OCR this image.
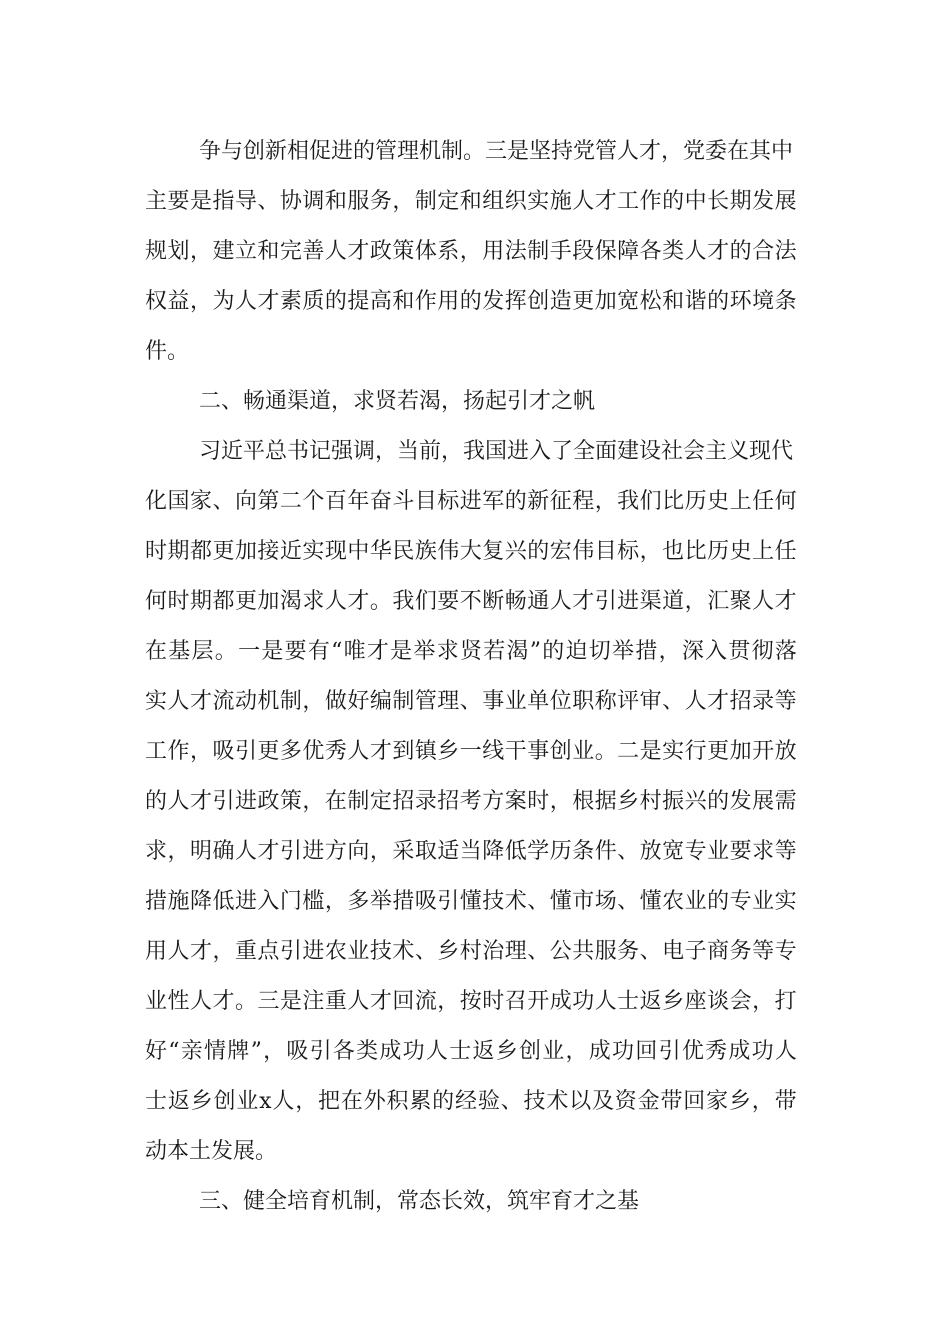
争与创新相促进的管理机制。三是坚持党管人才，党委在其中

主 要 是 指 导 、 协 调 和 服 务 ， 制 定 和 组 织 实 施 人 才 工 作 的 中 长 期 发 展

规 划 ， 建 立 和 完 善 人 才 政 策 体 系 ， 用 法 制 手 段 保 障 各 类 人 才 的 合 法

权 益 ， 为 人 才 素 质 的 提 高 和 作 用 的 发 挥 创 造 更 加 宽 松 和 谐 的 环 境 条

件。

二、畅通渠道，求贤若渴，扬起引才之帆

习近平总书记强调，当前，我国进入了全面建设社会主义现代

化 国 家 、 向 第 二 个 百 年 奋 斗 目 标 进 军 的 新 征 程 ， 我 们 比 历 史 上 任 何

时 期 都 更 加 接 近 实 现 中 华 民 族 伟 大 复 兴 的 宏 伟 目 标 ， 也 比 历 史 上 任

何 时 期 都 更 加 渴 求 人 才 。 我 们 要 不 断 畅 通 人 才 引 进 渠 道 ， 汇 聚 人 才

在 基 层 。 一 是 要 有 “ 唯 才 是 举 求 贤 若 渴 ” 的 迫 切 举 措 ， 深 入 贯 彻 落

实 人 才 流 动 机 制 ， 做 好 编 制 管 理 、 事 业 单 位 职 称 评 审 、 人 才 招 录 等

工 作 ， 吸 引 更 多 优 秀 人 才 到 镇 乡 一 线 干 事 创 业 。 二 是 实 行 更 加 开 放

的 人 才 引 进 政 策 ， 在 制 定 招 录 招 考 方 案 时 ， 根 据 乡 村 振 兴 的 发 展 需

求 ， 明 确 人 才 引 进 方 向 ， 采 取 适 当 降 低 学 历 条 件 、 放 宽 专 业 要 求 等

措 施 降 低 进 入 门 槛 ， 多 举 措 吸 引 懂 技 术 、 懂 市 场 、 懂 农 业 的 专 业 实

用 人 才 ， 重 点 引 进 农 业 技 术 、 乡 村 治 理 、 公 共 服 务 、 电 子 商 务 等 专

业 性 人 才 。 三 是 注 重 人 才 回 流 ， 按 时 召 开 成 功 人 士 返 乡 座 谈 会 ， 打

好 “ 亲 情 牌 ” ， 吸 引 各 类 成 功 人 士 返 乡 创 业 ， 成 功 回 引 优 秀 成 功 人

士 返 乡 创 业 x 人 ， 把 在 外 积 累 的 经 验 、 技 术 以 及 资 金 带 回 家 乡 ， 带

动本土发展。

三、健全培育机制，常态长效，筑牢育才之基
